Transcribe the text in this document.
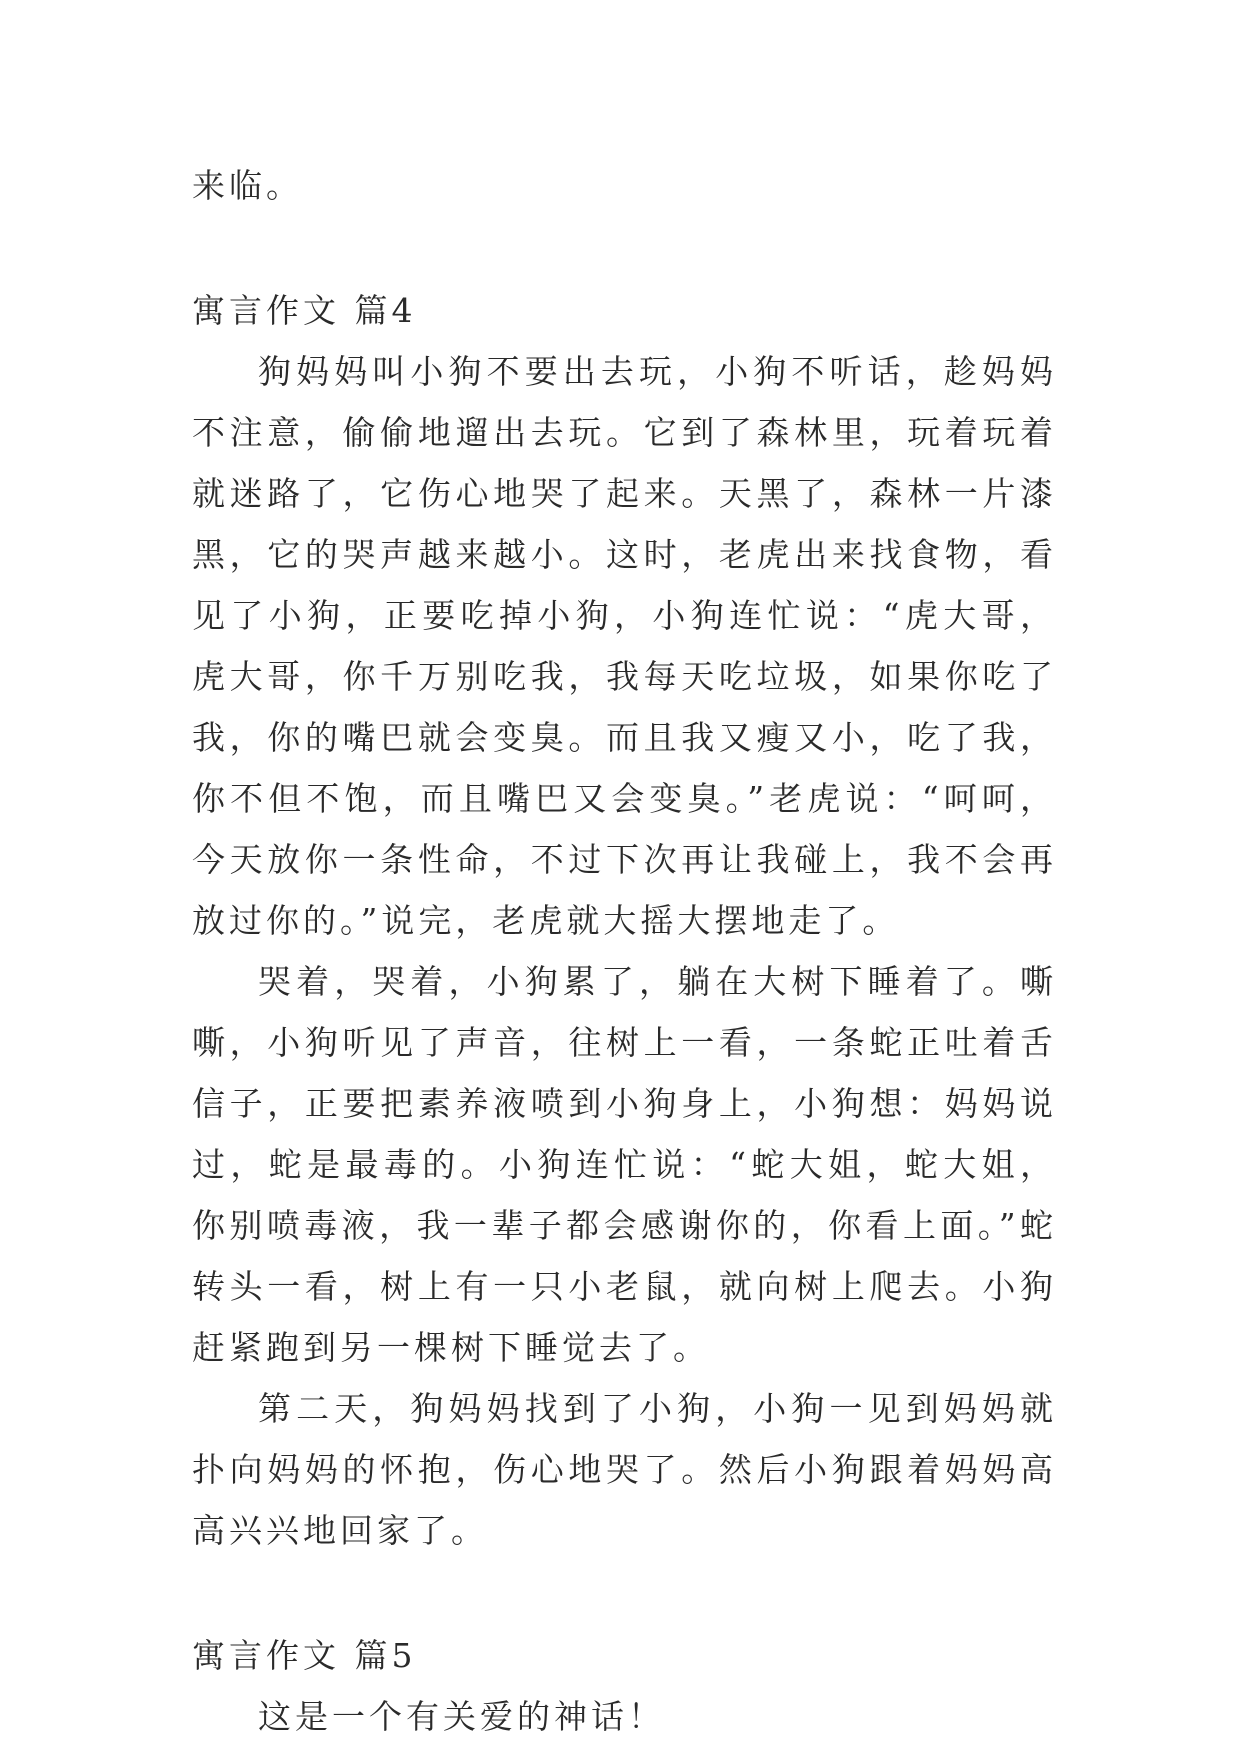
来临。

寓言作文 篇4

狗妈妈叫小狗不要出去玩，小狗不听话，趁妈妈不注意，偷偷地遛出去玩。它到了森林里，玩着玩着就迷路了，它伤心地哭了起来。天黑了，森林一片漆黑，它的哭声越来越小。这时，老虎出来找食物，看见了小狗，正要吃掉小狗，小狗连忙说：“虎大哥，虎大哥，你千万别吃我，我每天吃垃圾，如果你吃了我，你的嘴巴就会变臭。而且我又瘦又小，吃了我，你不但不饱，而且嘴巴又会变臭。”老虎说：“呵呵，今天放你一条性命，不过下次再让我碰上，我不会再放过你的。”说完，老虎就大摇大摆地走了。

哭着，哭着，小狗累了，躺在大树下睡着了。嘶嘶，小狗听见了声音，往树上一看，一条蛇正吐着舌信子，正要把素养液喷到小狗身上，小狗想：妈妈说过，蛇是最毒的。小狗连忙说：“蛇大姐，蛇大姐，你别喷毒液，我一辈子都会感谢你的，你看上面。”蛇转头一看，树上有一只小老鼠，就向树上爬去。小狗赶紧跑到另一棵树下睡觉去了。

第二天，狗妈妈找到了小狗，小狗一见到妈妈就扑向妈妈的怀抱，伤心地哭了。然后小狗跟着妈妈高高兴兴地回家了。

寓言作文 篇5

这是一个有关爱的神话！
